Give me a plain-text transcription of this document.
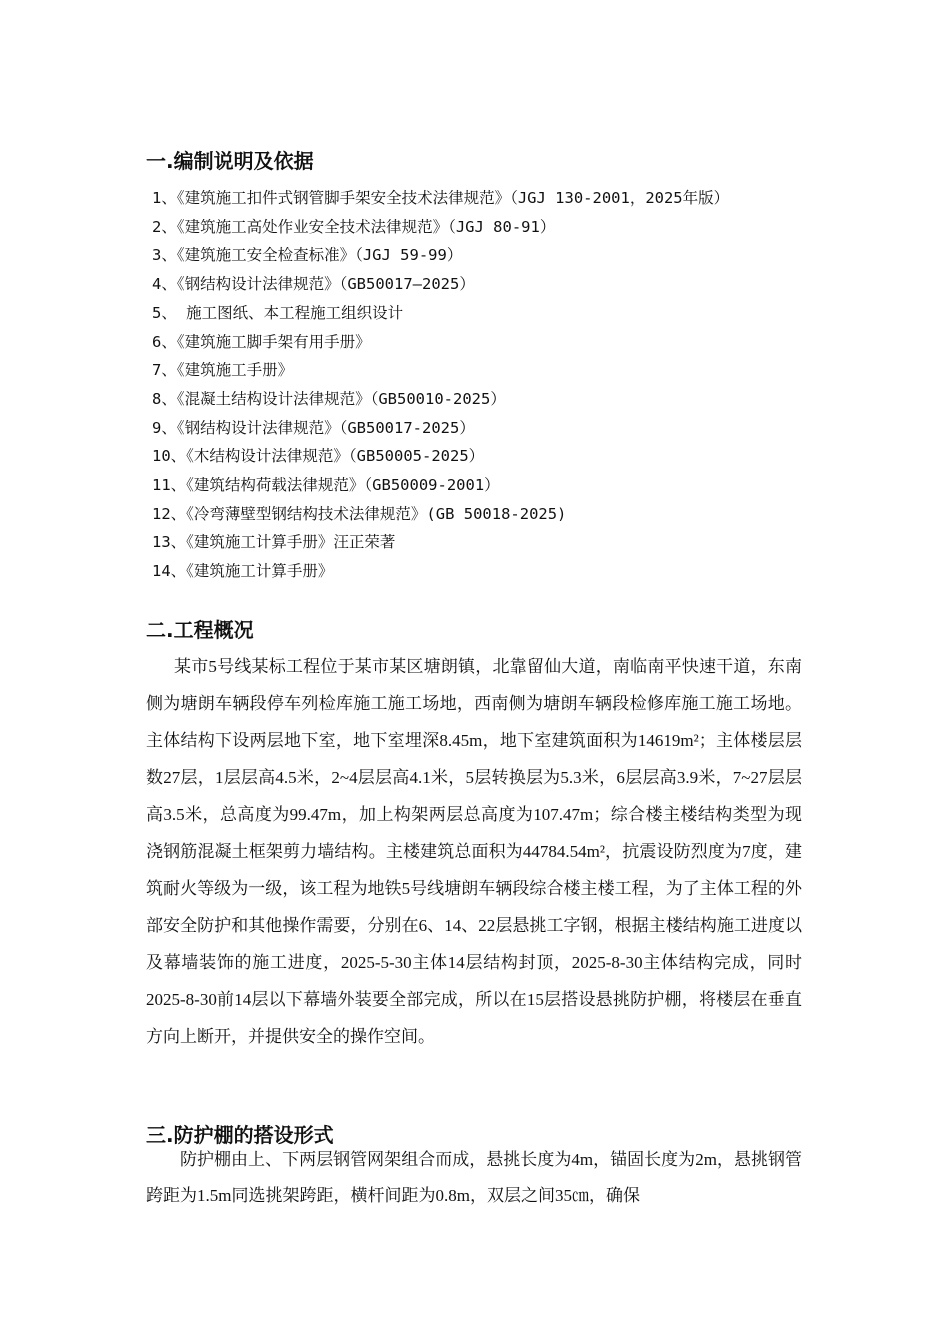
一.编制说明及依据
1、《建筑施工扣件式钢管脚手架安全技术法律规范》（JGJ 130-2001，2025年版）
2、《建筑施工高处作业安全技术法律规范》（JGJ 80-91）
3、《建筑施工安全检查标准》（JGJ 59-99）
4、《钢结构设计法律规范》（GB50017—2025）
5、 施工图纸、本工程施工组织设计
6、《建筑施工脚手架有用手册》
7、《建筑施工手册》
8、《混凝土结构设计法律规范》（GB50010-2025）
9、《钢结构设计法律规范》（GB50017-2025）
10、《木结构设计法律规范》（GB50005-2025）
11、《建筑结构荷载法律规范》（GB50009-2001）
12、《冷弯薄壁型钢结构技术法律规范》(GB 50018-2025)
13、《建筑施工计算手册》汪正荣著
14、《建筑施工计算手册》
二.工程概况

某市5号线某标工程位于某市某区塘朗镇，北靠留仙大道，南临南平快速干道，东南侧为塘朗车辆段停车列检库施工施工场地，西南侧为塘朗车辆段检修库施工施工场地。主体结构下设两层地下室，地下室埋深8.45m，地下室建筑面积为14619m²；主体楼层层数27层，1层层高4.5米，2~4层层高4.1米，5层转换层为5.3米，6层层高3.9米，7~27层层高3.5米，总高度为99.47m，加上构架两层总高度为107.47m；综合楼主楼结构类型为现浇钢筋混凝土框架剪力墙结构。主楼建筑总面积为44784.54m²，抗震设防烈度为7度，建筑耐火等级为一级，该工程为地铁5号线塘朗车辆段综合楼主楼工程，为了主体工程的外部安全防护和其他操作需要，分别在6、14、22层悬挑工字钢，根据主楼结构施工进度以及幕墙装饰的施工进度，2025-5-30主体14层结构封顶，2025-8-30主体结构完成，同时2025-8-30前14层以下幕墙外装要全部完成，所以在15层搭设悬挑防护棚，将楼层在垂直方向上断开，并提供安全的操作空间。

三.防护棚的搭设形式

防护棚由上、下两层钢管网架组合而成，悬挑长度为4m，锚固长度为2m，悬挑钢管跨距为1.5m同选挑架跨距，横杆间距为0.8m，双层之间35㎝，确保
